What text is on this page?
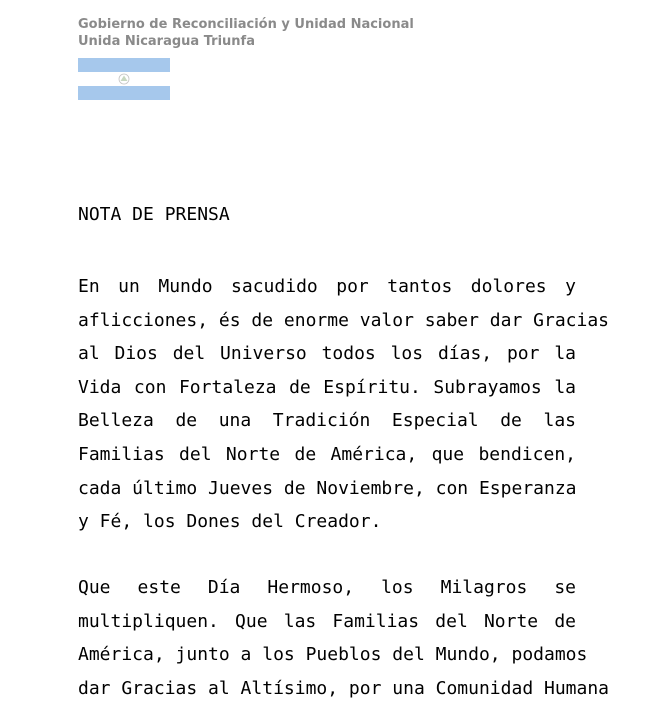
Gobierno de Reconciliación y Unidad Nacional
Unida Nicaragua Triunfa
NOTA DE PRENSA
En un Mundo sacudido por tantos dolores y
aflicciones, és de enorme valor saber dar Gracias
al Dios del Universo todos los días, por la
Vida con Fortaleza de Espíritu. Subrayamos la
Belleza de una Tradición Especial de las
Familias del Norte de América, que bendicen,
cada último Jueves de Noviembre, con Esperanza
y Fé, los Dones del Creador.
Que este Día Hermoso, los Milagros se
multipliquen. Que las Familias del Norte de
América, junto a los Pueblos del Mundo, podamos
dar Gracias al Altísimo, por una Comunidad Humana
